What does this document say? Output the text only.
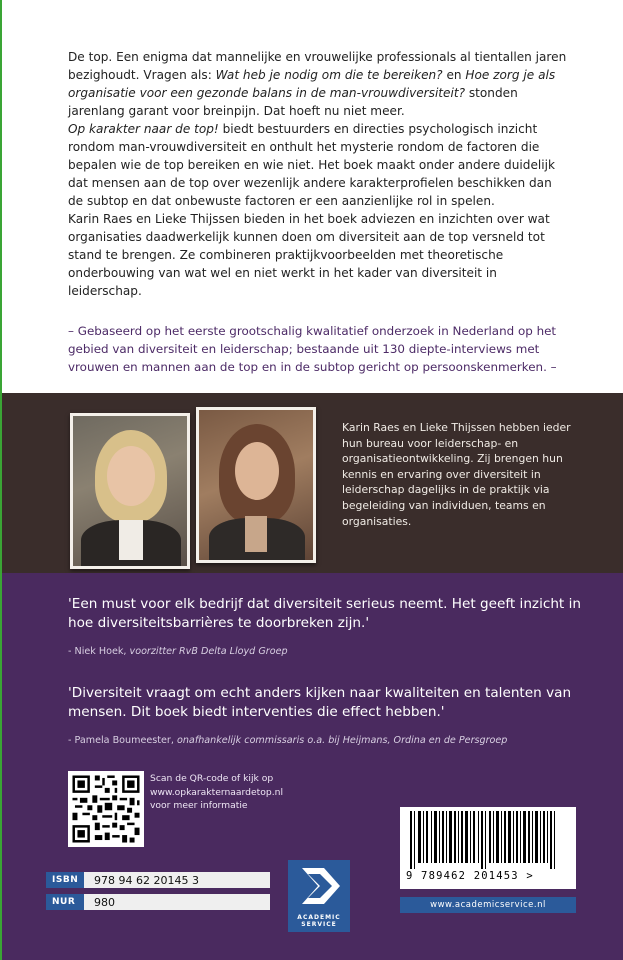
De top. Een enigma dat mannelijke en vrouwelijke professionals al tientallen jaren bezighoudt. Vragen als: Wat heb je nodig om die te bereiken? en Hoe zorg je als organisatie voor een gezonde balans in de man-vrouwdiversiteit? stonden jarenlang garant voor breinpijn. Dat hoeft nu niet meer.

Op karakter naar de top! biedt bestuurders en directies psychologisch inzicht rondom man-vrouwdiversiteit en onthult het mysterie rondom de factoren die bepalen wie de top bereiken en wie niet. Het boek maakt onder andere duidelijk dat mensen aan de top over wezenlijk andere karakterprofielen beschikken dan de subtop en dat onbewuste factoren er een aanzienlijke rol in spelen.

Karin Raes en Lieke Thijssen bieden in het boek adviezen en inzichten over wat organisaties daadwerkelijk kunnen doen om diversiteit aan de top versneld tot stand te brengen. Ze combineren praktijkvoorbeelden met theoretische onderbouwing van wat wel en niet werkt in het kader van diversiteit in leiderschap.

– Gebaseerd op het eerste grootschalig kwalitatief onderzoek in Nederland op het gebied van diversiteit en leiderschap; bestaande uit 130 diepte-interviews met vrouwen en mannen aan de top en in de subtop gericht op persoonskenmerken. –
Karin Raes en Lieke Thijssen hebben ieder hun bureau voor leiderschap- en organisatieontwikkeling. Zij brengen hun kennis en ervaring over diversiteit in leiderschap dagelijks in de praktijk via begeleiding van individuen, teams en organisaties.
'Een must voor elk bedrijf dat diversiteit serieus neemt. Het geeft inzicht in hoe diversiteitsbarrières te doorbreken zijn.'
- Niek Hoek, voorzitter RvB Delta Lloyd Groep
'Diversiteit vraagt om echt anders kijken naar kwaliteiten en talenten van mensen. Dit boek biedt interventies die effect hebben.'
- Pamela Boumeester, onafhankelijk commissaris o.a. bij Heijmans, Ordina en de Persgroep
Scan de QR-code of kijk op
www.opkarakternaardetop.nl
voor meer informatie
ISBN	978 94 62 20145 3
NUR	980
ACADEMIC
SERVICE
9 789462 201453 >
www.academicservice.nl
